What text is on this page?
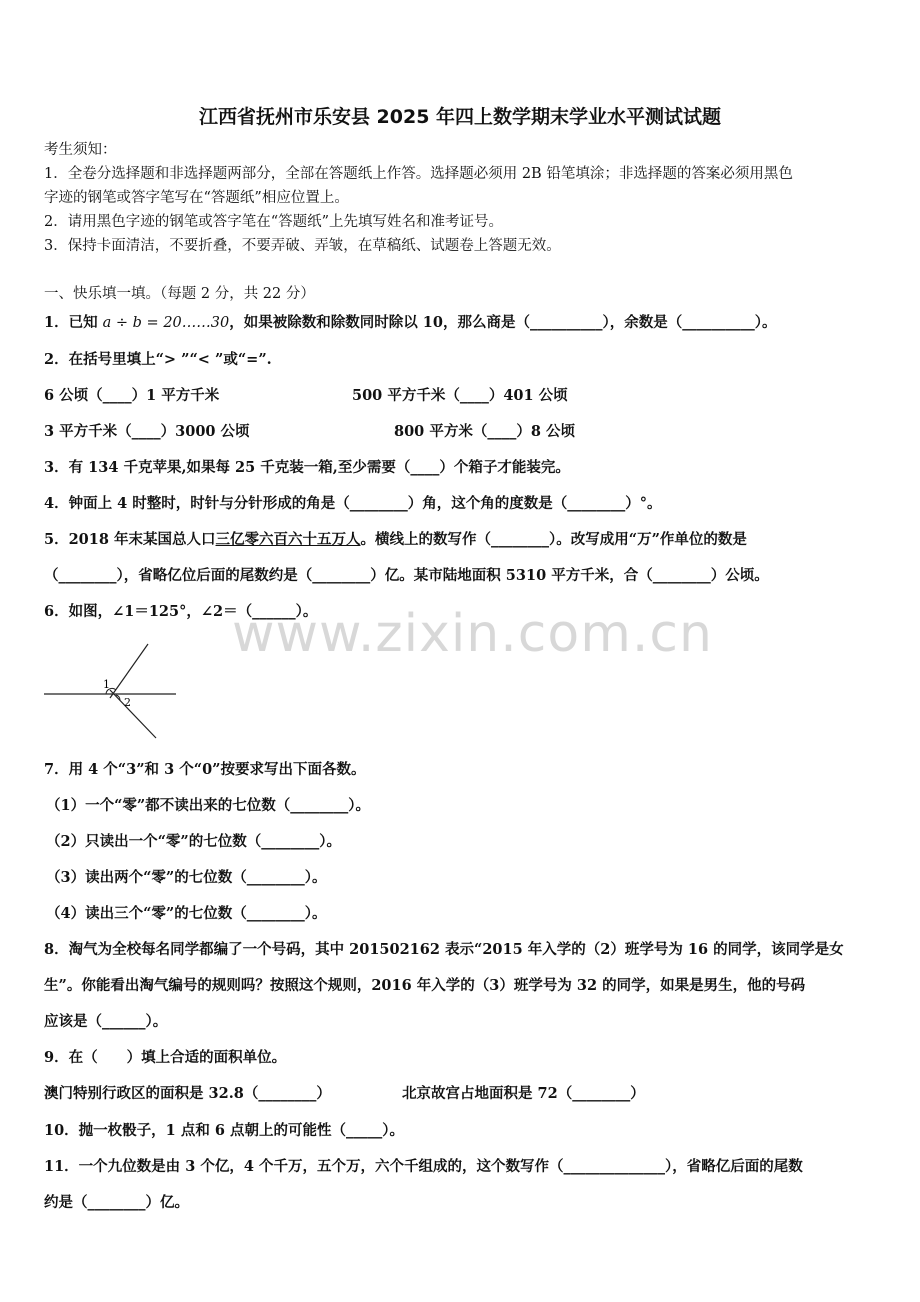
江西省抚州市乐安县 2025 年四上数学期末学业水平测试试题
考生须知：
1．全卷分选择题和非选择题两部分，全部在答题纸上作答。选择题必须用 2B 铅笔填涂；非选择题的答案必须用黑色
字迹的钢笔或答字笔写在“答题纸”相应位置上。
2．请用黑色字迹的钢笔或答字笔在“答题纸”上先填写姓名和准考证号。
3．保持卡面清洁，不要折叠，不要弄破、弄皱，在草稿纸、试题卷上答题无效。
一、快乐填一填。（每题 2 分，共 22 分）
1．已知 a ÷ b = 20……30，如果被除数和除数同时除以 10，那么商是（__________），余数是（__________）。
2．在括号里填上“> ”“< ”或“=”.
6 公顷（____）1 平方千米	500 平方千米（____）401 公顷
3 平方千米（____）3000 公顷	800 平方米（____）8 公顷
3．有 134 千克苹果,如果每 25 千克装一箱,至少需要（____）个箱子才能装完。
4．钟面上 4 时整时，时针与分针形成的角是（________）角，这个角的度数是（________）°。
5．2018 年末某国总人口三亿零六百六十五万人。横线上的数写作（________）。改写成用“万”作单位的数是
（________），省略亿位后面的尾数约是（________）亿。某市陆地面积 5310 平方千米，合（________）公顷。
6．如图，∠1＝125°，∠2＝（______）。
www.zixin.com.cn
1
2
7．用 4 个“3”和 3 个“0”按要求写出下面各数。
（1）一个“零”都不读出来的七位数（________）。
（2）只读出一个“零”的七位数（________）。
（3）读出两个“零”的七位数（________）。
（4）读出三个“零”的七位数（________）。
8．淘气为全校每名同学都编了一个号码，其中 201502162 表示“2015 年入学的（2）班学号为 16 的同学，该同学是女
生”。你能看出淘气编号的规则吗？按照这个规则，2016 年入学的（3）班学号为 32 的同学，如果是男生，他的号码
应该是（______）。
9．在（　　）填上合适的面积单位。
澳门特别行政区的面积是 32.8（________）	北京故宫占地面积是 72（________）
10．抛一枚骰子，1 点和 6 点朝上的可能性（_____）。
11．一个九位数是由 3 个亿，4 个千万，五个万，六个千组成的，这个数写作（______________），省略亿后面的尾数
约是（________）亿。
